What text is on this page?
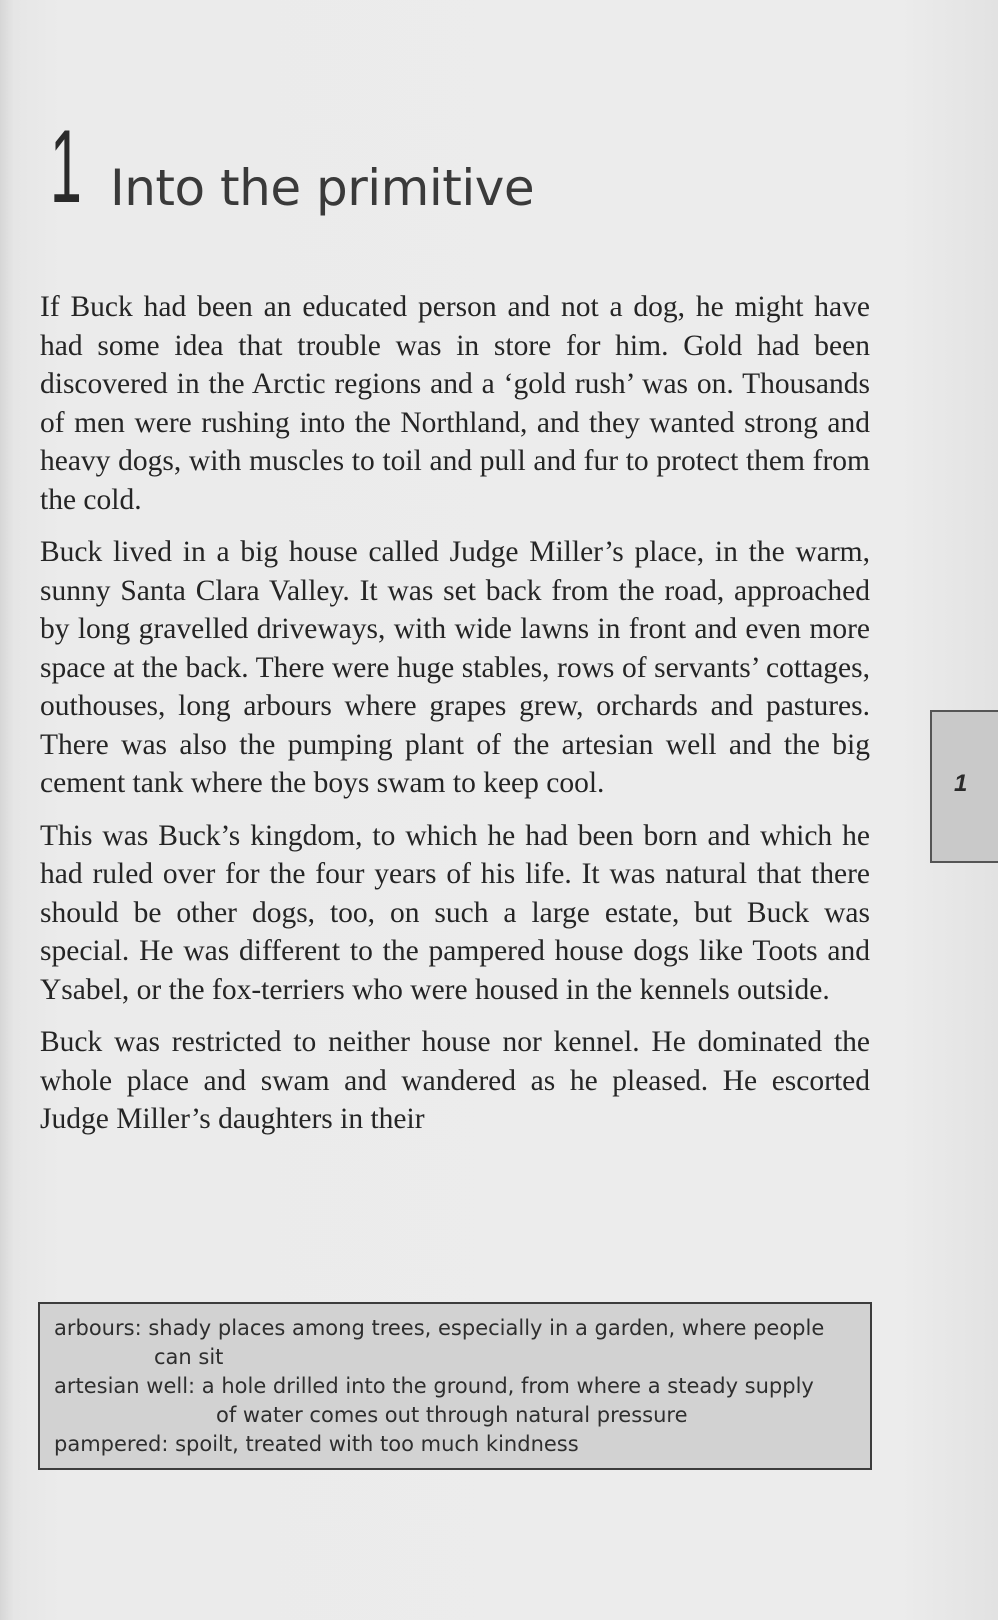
1 Into the primitive

If Buck had been an educated person and not a dog, he might have had some idea that trouble was in store for him. Gold had been discovered in the Arctic regions and a ‘gold rush’ was on. Thousands of men were rushing into the Northland, and they wanted strong and heavy dogs, with muscles to toil and pull and fur to protect them from the cold.

Buck lived in a big house called Judge Miller’s place, in the warm, sunny Santa Clara Valley. It was set back from the road, approached by long gravelled driveways, with wide lawns in front and even more space at the back. There were huge stables, rows of servants’ cottages, outhouses, long arbours where grapes grew, orchards and pastures. There was also the pumping plant of the artesian well and the big cement tank where the boys swam to keep cool.

This was Buck’s kingdom, to which he had been born and which he had ruled over for the four years of his life. It was natural that there should be other dogs, too, on such a large estate, but Buck was special. He was different to the pampered house dogs like Toots and Ysabel, or the fox-terriers who were housed in the kennels outside.

Buck was restricted to neither house nor kennel. He dominated the whole place and swam and wandered as he pleased. He escorted Judge Miller’s daughters in their

1
arbours: shady places among trees, especially in a garden, where people
can sit
artesian well: a hole drilled into the ground, from where a steady supply
of water comes out through natural pressure
pampered: spoilt, treated with too much kindness
